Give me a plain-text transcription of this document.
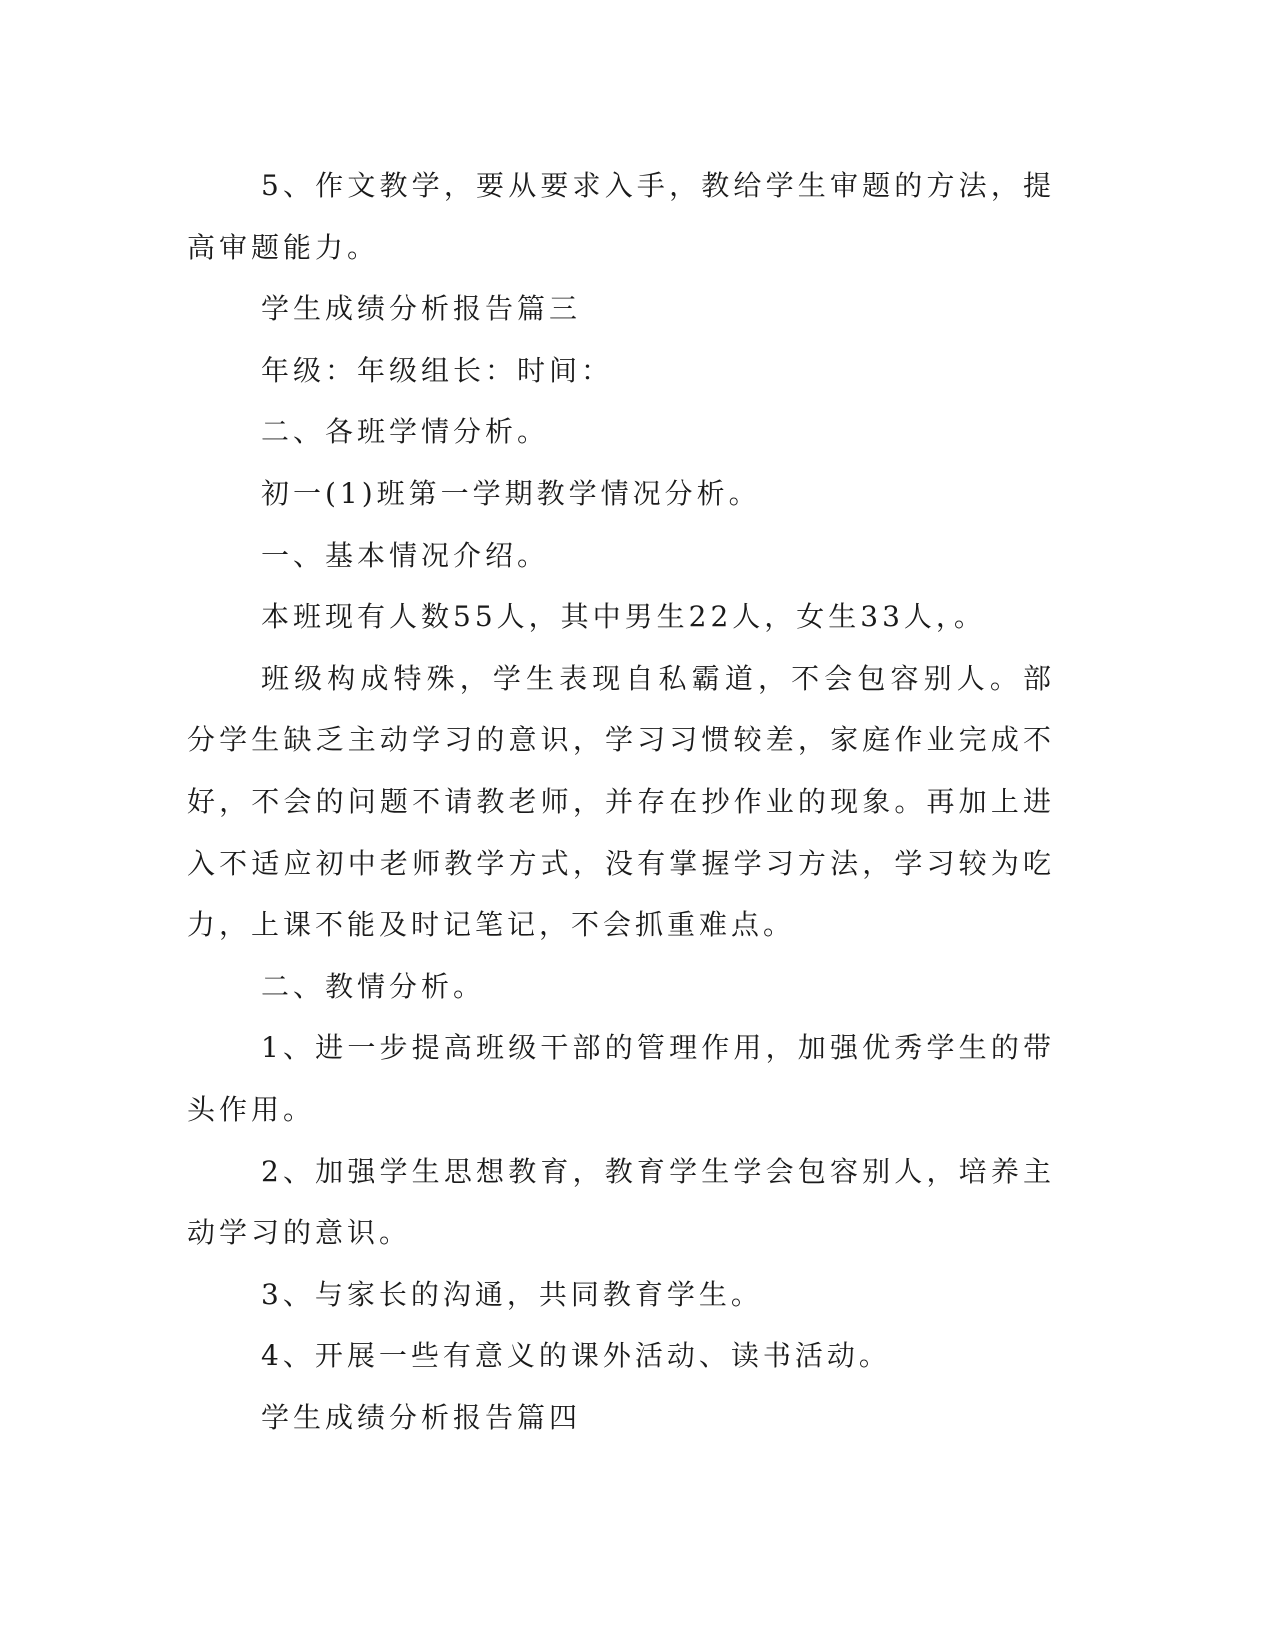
5、作文教学，要从要求入手，教给学生审题的方法，提高审题能力。

学生成绩分析报告篇三

年级：年级组长：时间：

二、各班学情分析。

初一(1)班第一学期教学情况分析。

一、基本情况介绍。

本班现有人数55人，其中男生22人，女生33人，。

班级构成特殊，学生表现自私霸道，不会包容别人。部分学生缺乏主动学习的意识，学习习惯较差，家庭作业完成不好，不会的问题不请教老师，并存在抄作业的现象。再加上进入不适应初中老师教学方式，没有掌握学习方法，学习较为吃力，上课不能及时记笔记，不会抓重难点。

二、教情分析。

1、进一步提高班级干部的管理作用，加强优秀学生的带头作用。

2、加强学生思想教育，教育学生学会包容别人，培养主动学习的意识。

3、与家长的沟通，共同教育学生。

4、开展一些有意义的课外活动、读书活动。

学生成绩分析报告篇四
